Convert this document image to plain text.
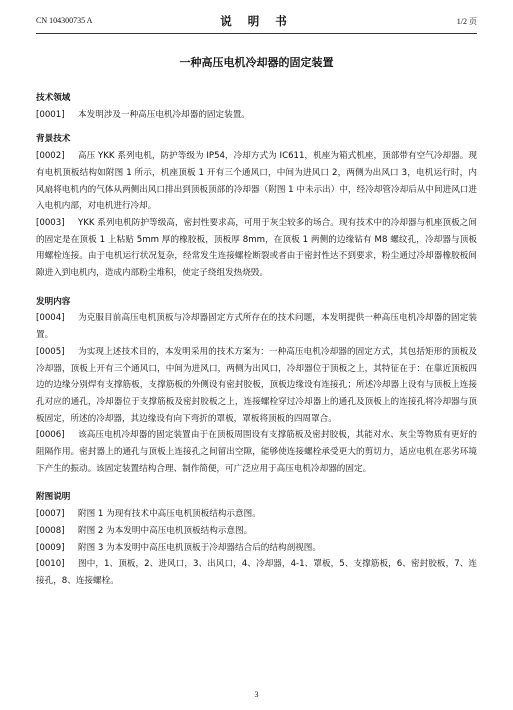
CN 104300735 A	说 明 书	1/2 页
一种高压电机冷却器的固定装置

技术领域

[0001] 本发明涉及一种高压电机冷却器的固定装置。

背景技术

[0002] 高压 YKK 系列电机，防护等级为 IP54，冷却方式为 IC611，机座为箱式机座，顶部带有空气冷却器。现有电机顶板结构如附图 1 所示，机座顶板 1 开有三个通风口，中间为进风口 2，两侧为出风口 3，电机运行时，内风扇将电机内的气体从两侧出风口排出到顶板顶部的冷却器（附图 1 中未示出）中，经冷却管冷却后从中间进风口进入电机内部，对电机进行冷却。

[0003] YKK 系列电机防护等级高，密封性要求高，可用于灰尘较多的场合。现有技术中的冷却器与机座顶板之间的固定是在顶板 1 上粘贴 5mm 厚的橡胶板，顶板厚 8mm，在顶板 1 两侧的边缘钻有 M8 螺纹孔，冷却器与顶板用螺栓连接。由于电机运行状况复杂，经常发生连接螺栓断裂或者由于密封性达不到要求，粉尘通过冷却器橡胶板间隙进入到电机内，造成内部粉尘堆积，使定子绕组发热烧毁。

发明内容

[0004] 为克服目前高压电机顶板与冷却器固定方式所存在的技术问题，本发明提供一种高压电机冷却器的固定装置。

[0005] 为实现上述技术目的，本发明采用的技术方案为：一种高压电机冷却器的固定方式，其包括矩形的顶板及冷却器，顶板上开有三个通风口，中间为进风口，两侧为出风口，冷却器位于顶板之上，其特征在于：在靠近顶板四边的边缘分别焊有支撑筋板，支撑筋板的外侧设有密封胶板，顶板边缘设有连接孔；所述冷却器上设有与顶板上连接孔对应的通孔，冷却器位于支撑筋板及密封胶板之上，连接螺栓穿过冷却器上的通孔及顶板上的连接孔将冷却器与顶板固定，所述的冷却器，其边缘设有向下弯折的罩板，罩板将顶板的四周罩合。

[0006] 该高压电机冷却器的固定装置由于在顶板周围设有支撑筋板及密封胶板，其能对水、灰尘等物质有更好的阻隔作用。密封器上的通孔与顶板上连接孔之间留出空隙，能够使连接螺栓承受更大的剪切力，适应电机在恶劣环境下产生的振动。该固定装置结构合理、制作简便，可广泛应用于高压电机冷却器的固定。

附图说明

[0007] 附图 1 为现有技术中高压电机顶板结构示意图。

[0008] 附图 2 为本发明中高压电机顶板结构示意图。

[0009] 附图 3 为本发明中高压电机顶板于冷却器结合后的结构剖视图。

[0010] 图中，1、顶板，2、进风口，3、出风口，4、冷却器，4-1、罩板，5、支撑筋板，6、密封胶板，7、连接孔，8、连接螺栓。

3
